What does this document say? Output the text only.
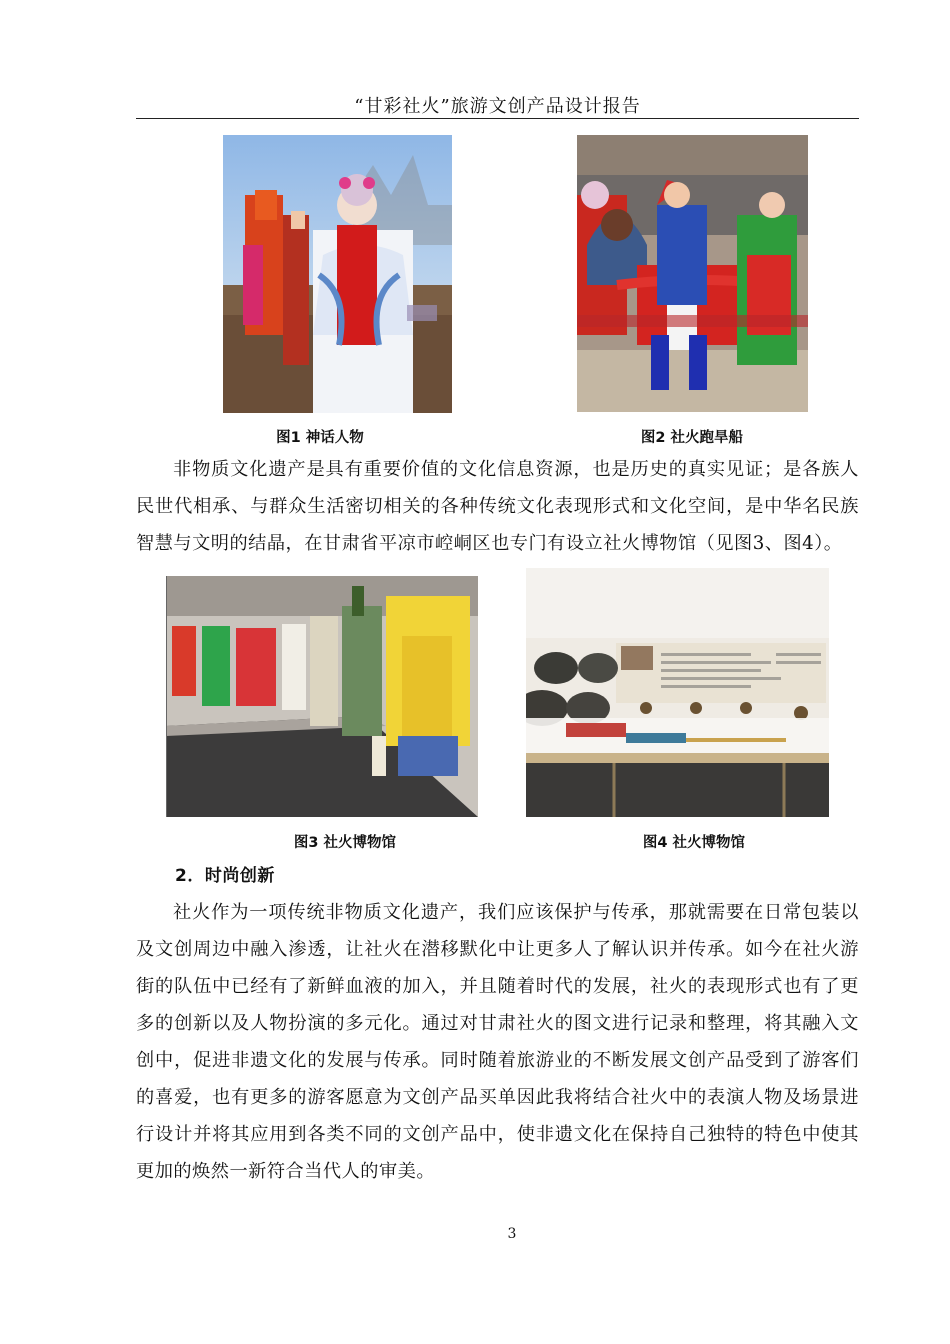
“甘彩社火”旅游文创产品设计报告
图1 神话人物	图2 社火跑旱船
非物质文化遗产是具有重要价值的文化信息资源，也是历史的真实见证；是各族人民世代相承、与群众生活密切相关的各种传统文化表现形式和文化空间，是中华名民族智慧与文明的结晶，在甘肃省平凉市崆峒区也专门有设立社火博物馆（见图3、图4）。
图3 社火博物馆	图4 社火博物馆
2．时尚创新
社火作为一项传统非物质文化遗产，我们应该保护与传承，那就需要在日常包装以及文创周边中融入渗透，让社火在潜移默化中让更多人了解认识并传承。如今在社火游街的队伍中已经有了新鲜血液的加入，并且随着时代的发展，社火的表现形式也有了更多的创新以及人物扮演的多元化。通过对甘肃社火的图文进行记录和整理，将其融入文创中，促进非遗文化的发展与传承。同时随着旅游业的不断发展文创产品受到了游客们的喜爱，也有更多的游客愿意为文创产品买单因此我将结合社火中的表演人物及场景进行设计并将其应用到各类不同的文创产品中，使非遗文化在保持自己独特的特色中使其更加的焕然一新符合当代人的审美。
3
